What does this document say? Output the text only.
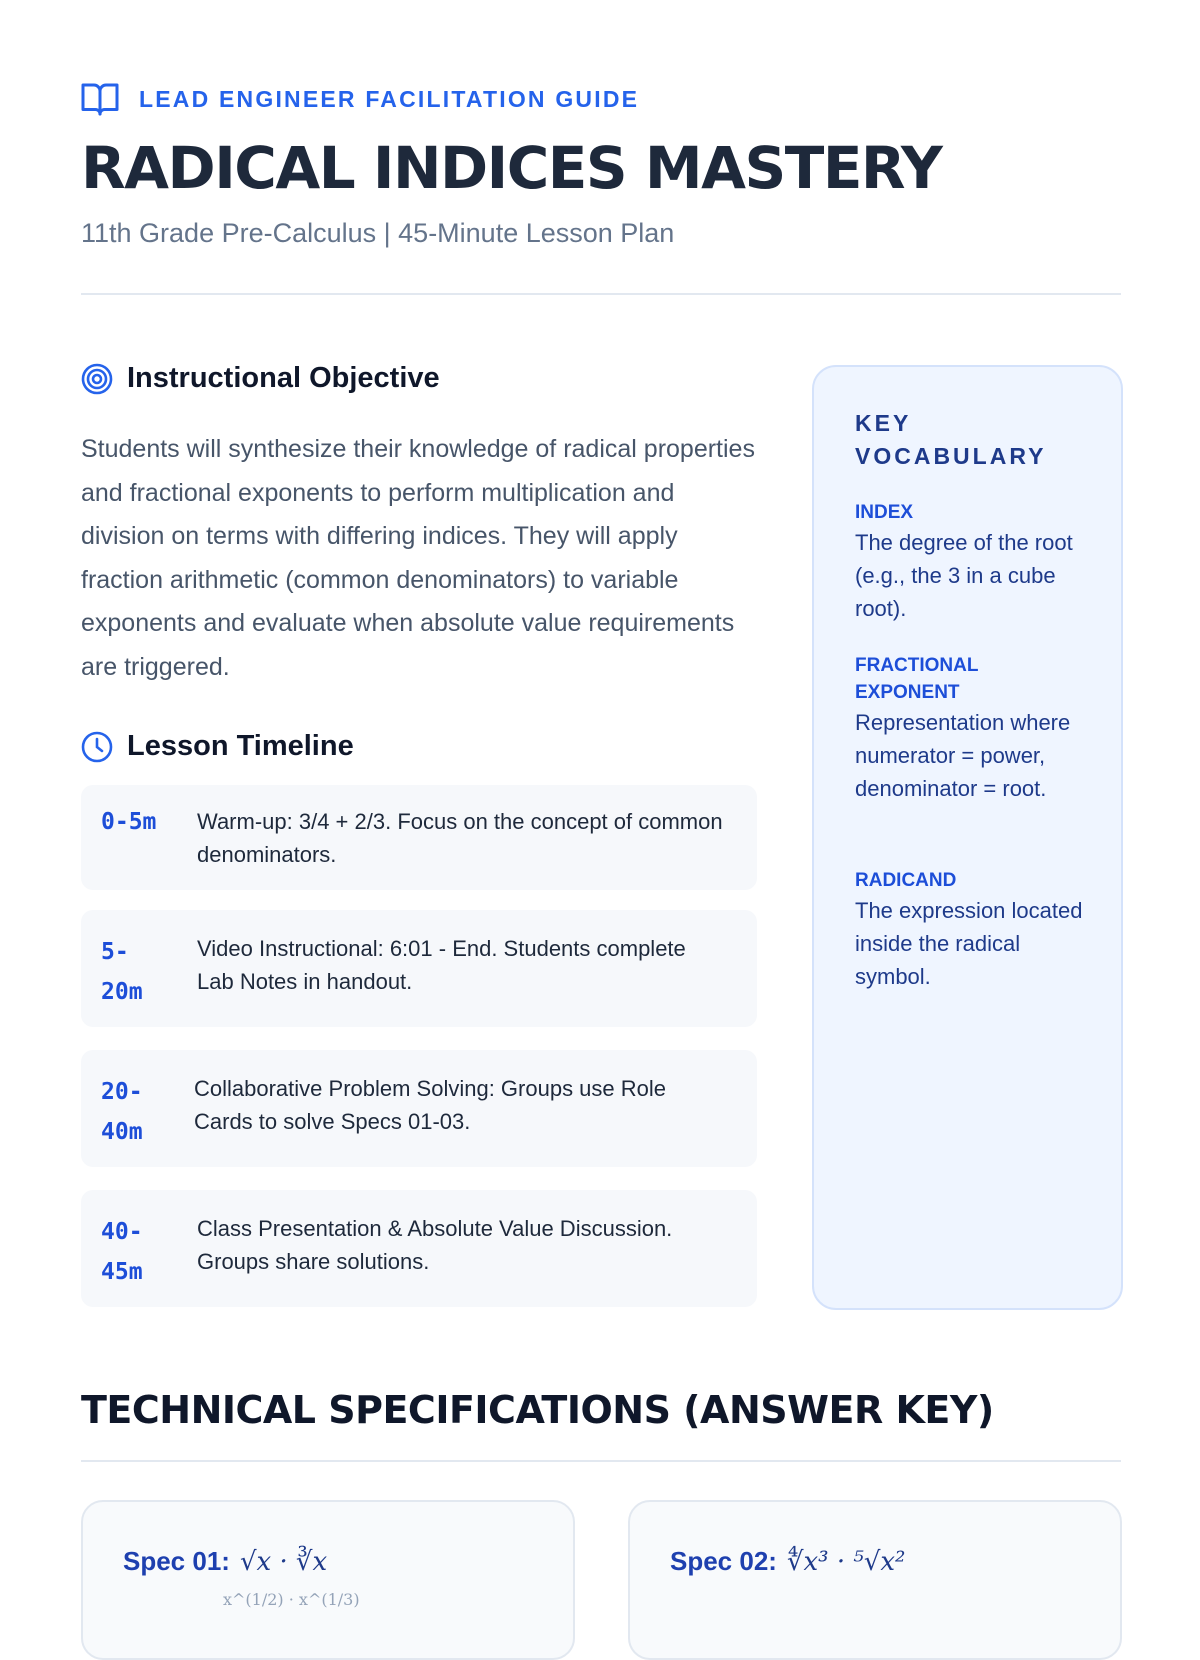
LEAD ENGINEER FACILITATION GUIDE
RADICAL INDICES MASTERY
11th Grade Pre-Calculus | 45-Minute Lesson Plan
Instructional Objective

Students will synthesize their knowledge of radical properties and fractional exponents to perform multiplication and division on terms with differing indices. They will apply fraction arithmetic (common denominators) to variable exponents and evaluate when absolute value requirements are triggered.

Lesson Timeline
0-5m	Warm-up: 3/4 + 2/3. Focus on the concept of common denominators.
5-
20m
Video Instructional: 6:01 - End. Students complete Lab Notes in handout.
20-
40m
Collaborative Problem Solving: Groups use Role Cards to solve Specs 01-03.
40-
45m
Class Presentation & Absolute Value Discussion. Groups share solutions.
KEY VOCABULARY
INDEX
The degree of the root (e.g., the 3 in a cube root).
FRACTIONAL EXPONENT
Representation where numerator = power, denominator = root.
RADICAND
The expression located inside the radical symbol.
TECHNICAL SPECIFICATIONS (ANSWER KEY)
Spec 01: √x · ∛x
x^(1/2) · x^(1/3)
Spec 02: ∜x³ · ⁵√x²
